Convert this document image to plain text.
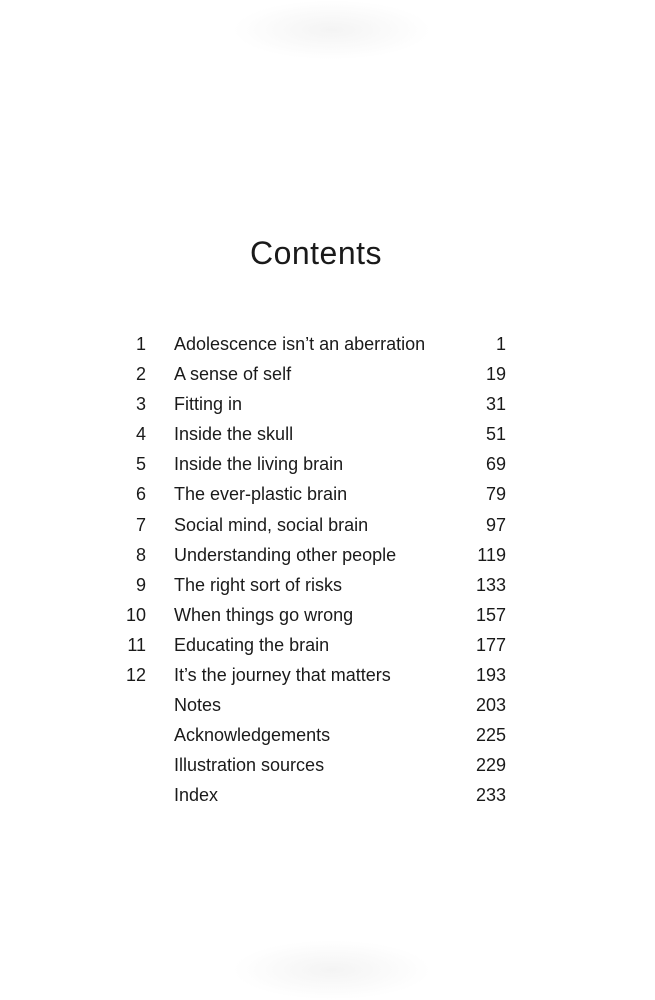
Contents
1 Adolescence isn’t an aberration	1
2 A sense of self	19
3 Fitting in	31
4 Inside the skull	51
5 Inside the living brain	69
6 The ever-plastic brain	79
7 Social mind, social brain	97
8 Understanding other people	119
9 The right sort of risks	133
10 When things go wrong	157
11 Educating the brain	177
12 It’s the journey that matters	193
Notes	203
Acknowledgements	225
Illustration sources	229
Index	233
